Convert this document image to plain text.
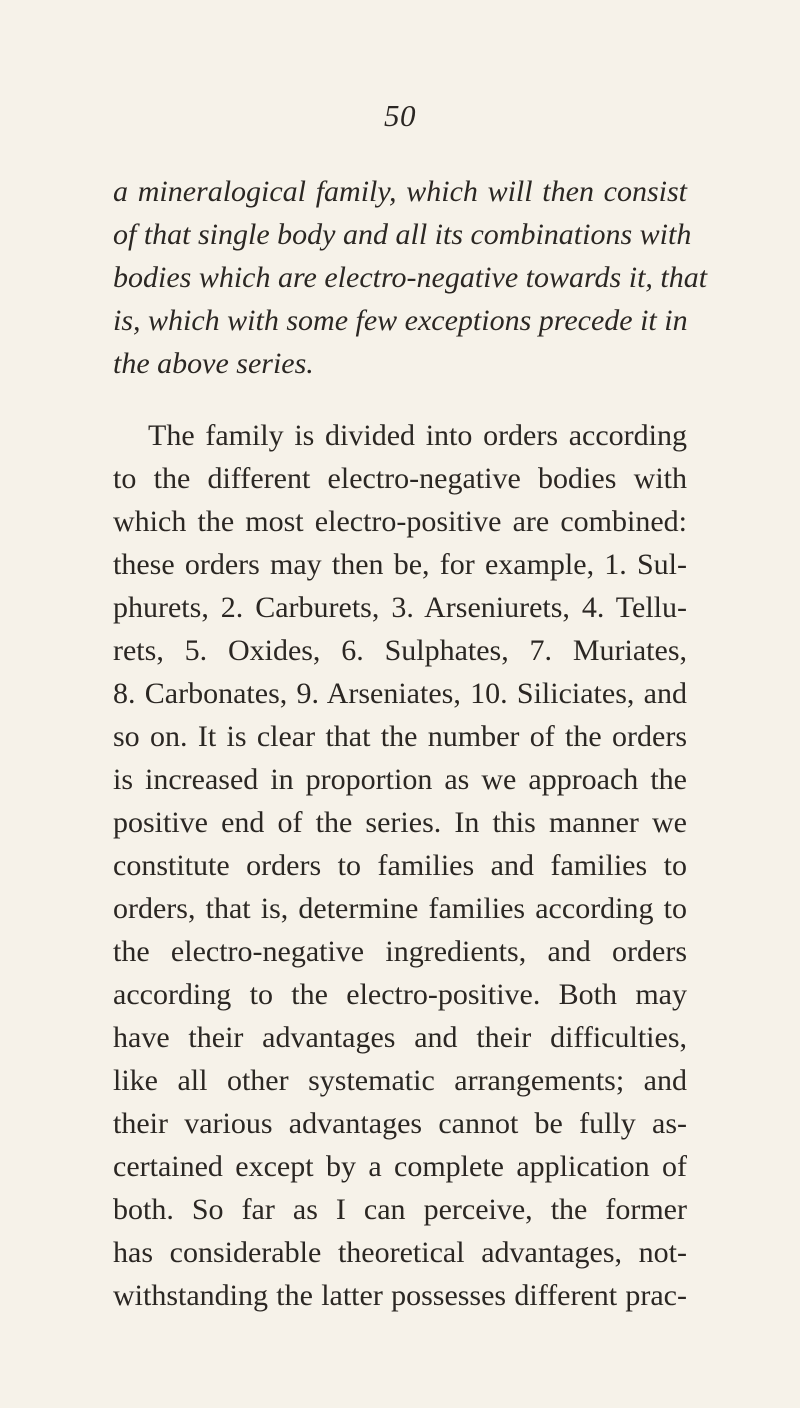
50
a mineralogical family, which will then consist
of that single body and all its combinations with
bodies which are electro-negative towards it, that
is, which with some few exceptions precede it in
the above series.
The family is divided into orders according
to the different electro-negative bodies with
which the most electro-positive are combined:
these orders may then be, for example, 1. Sul-
phurets, 2. Carburets, 3. Arseniurets, 4. Tellu-
rets, 5. Oxides, 6. Sulphates, 7. Muriates,
8. Carbonates, 9. Arseniates, 10. Siliciates, and
so on. It is clear that the number of the orders
is increased in proportion as we approach the
positive end of the series. In this manner we
constitute orders to families and families to
orders, that is, determine families according to
the electro-negative ingredients, and orders
according to the electro-positive. Both may
have their advantages and their difficulties,
like all other systematic arrangements; and
their various advantages cannot be fully as-
certained except by a complete application of
both. So far as I can perceive, the former
has considerable theoretical advantages, not-
withstanding the latter possesses different prac-
